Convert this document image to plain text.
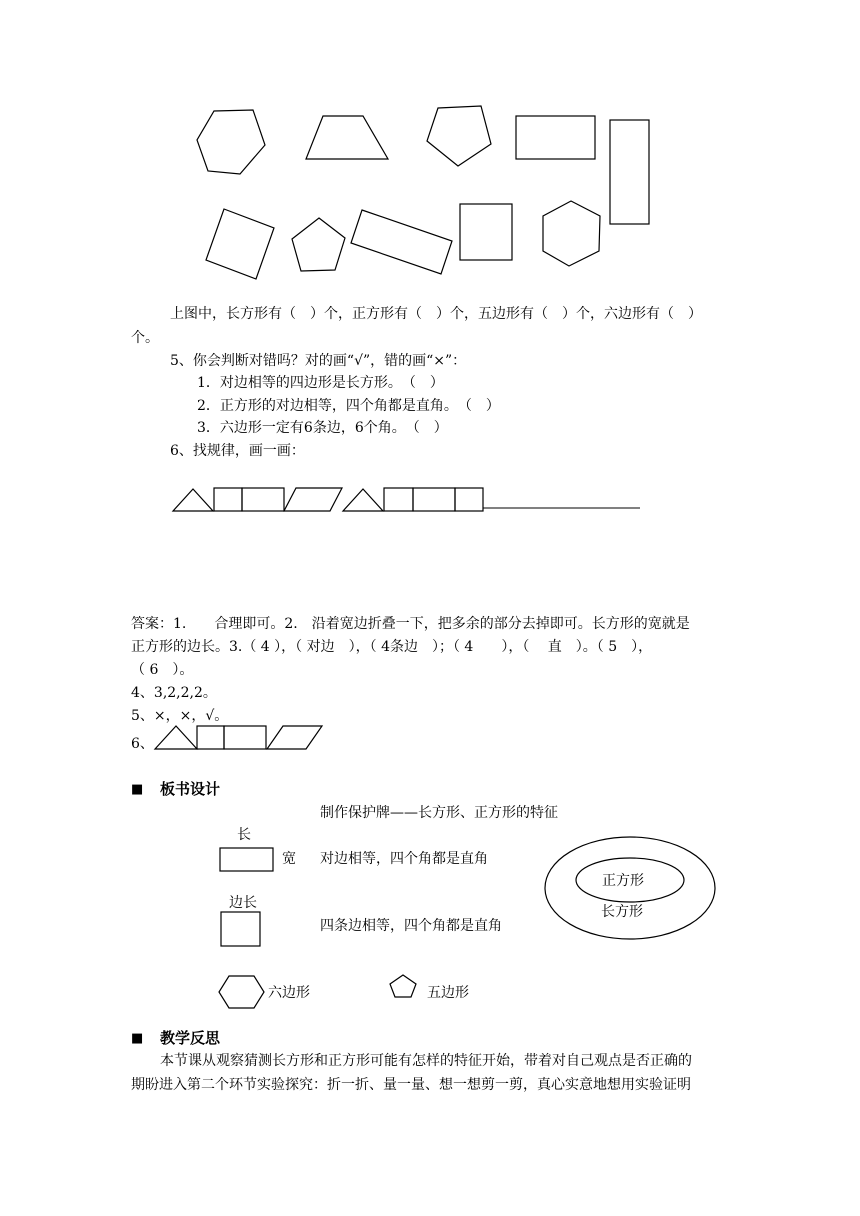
上图中，长方形有（　）个，正方形有（　）个，五边形有（　）个，六边形有（　）
个。
5、你会判断对错吗？对的画“√”，错的画“×”：
1．对边相等的四边形是长方形。　（　）
2．正方形的对边相等，四个角都是直角。　（　）
3．六边形一定有6条边，6个角。　（　）
6、找规律，画一画：
答案：1.　　合理即可。2.　沿着宽边折叠一下，把多余的部分去掉即可。长方形的宽就是
正方形的边长。3.（ 4 ），（ 对边　），（ 4条边　）；（ 4　　），（　 直　）。（ 5　），
（ 6　）。
4、3,2,2,2。
5、×，×，√。
6、
■ 板书设计
制作保护牌——长方形、正方形的特征
长
宽 对边相等，四个角都是直角
边长
四条边相等，四个角都是直角
正方形
长方形
六边形	五边形
■ 教学反思
本节课从观察猜测长方形和正方形可能有怎样的特征开始，带着对自己观点是否正确的
期盼进入第二个环节实验探究：折一折、量一量、想一想剪一剪，真心实意地想用实验证明
